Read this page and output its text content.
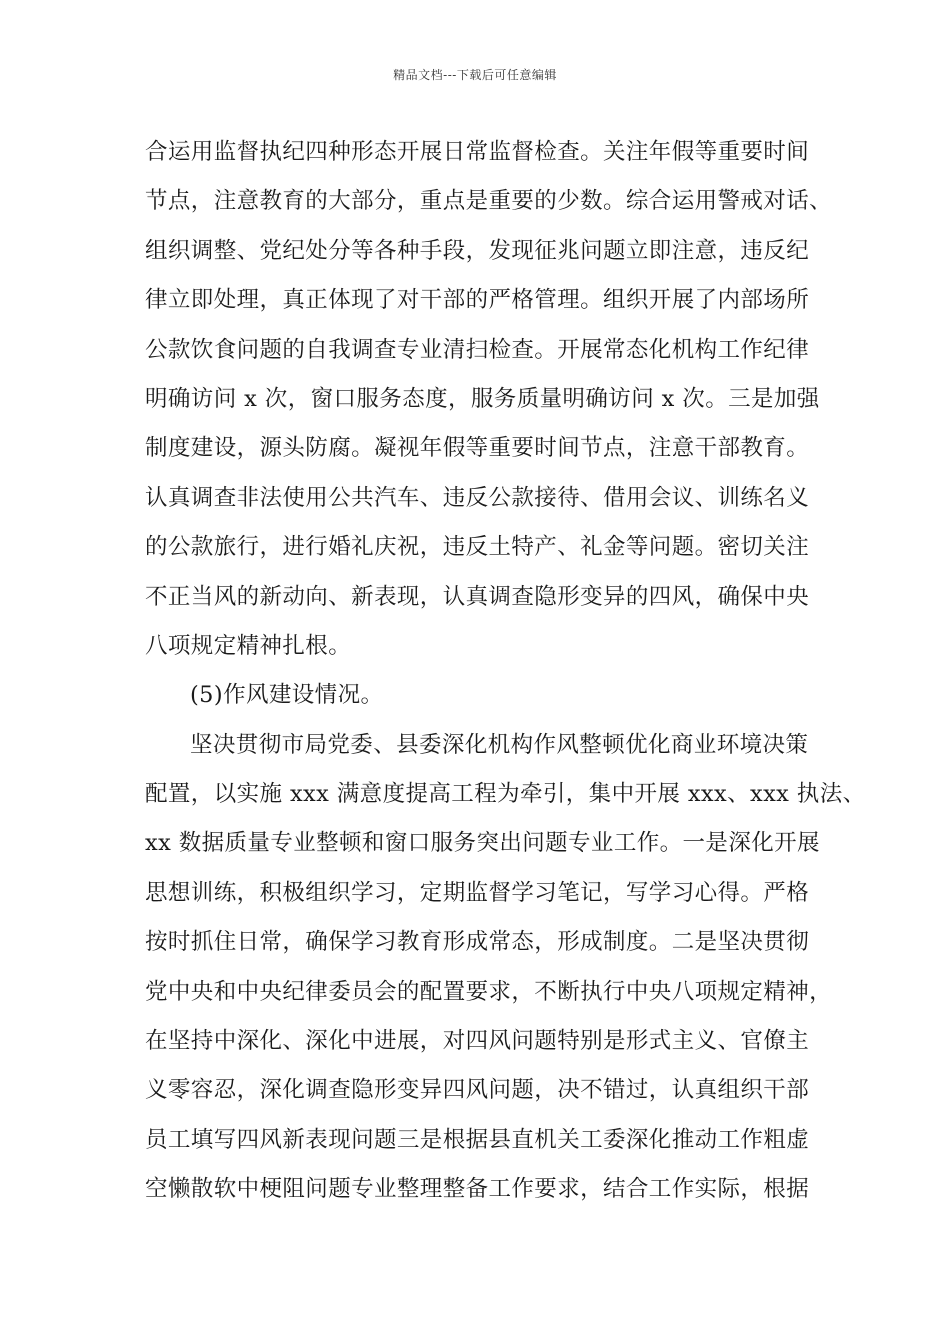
精品文档---下载后可任意编辑
合运用监督执纪四种形态开展日常监督检查。关注年假等重要时间
节点，注意教育的大部分，重点是重要的少数。综合运用警戒对话、
组织调整、党纪处分等各种手段，发现征兆问题立即注意，违反纪
律立即处理，真正体现了对干部的严格管理。组织开展了内部场所
公款饮食问题的自我调查专业清扫检查。开展常态化机构工作纪律
明确访问 x 次，窗口服务态度，服务质量明确访问 x 次。三是加强
制度建设，源头防腐。凝视年假等重要时间节点，注意干部教育。
认真调查非法使用公共汽车、违反公款接待、借用会议、训练名义
的公款旅行，进行婚礼庆祝，违反土特产、礼金等问题。密切关注
不正当风的新动向、新表现，认真调查隐形变异的四风，确保中央
八项规定精神扎根。
(5)作风建设情况。
坚决贯彻市局党委、县委深化机构作风整顿优化商业环境决策
配置，以实施 xxx 满意度提高工程为牵引，集中开展 xxx、xxx 执法、
xx 数据质量专业整顿和窗口服务突出问题专业工作。一是深化开展
思想训练，积极组织学习，定期监督学习笔记，写学习心得。严格
按时抓住日常，确保学习教育形成常态，形成制度。二是坚决贯彻
党中央和中央纪律委员会的配置要求，不断执行中央八项规定精神，
在坚持中深化、深化中进展，对四风问题特别是形式主义、官僚主
义零容忍，深化调查隐形变异四风问题，决不错过，认真组织干部
员工填写四风新表现问题三是根据县直机关工委深化推动工作粗虚
空懒散软中梗阻问题专业整理整备工作要求，结合工作实际，根据
